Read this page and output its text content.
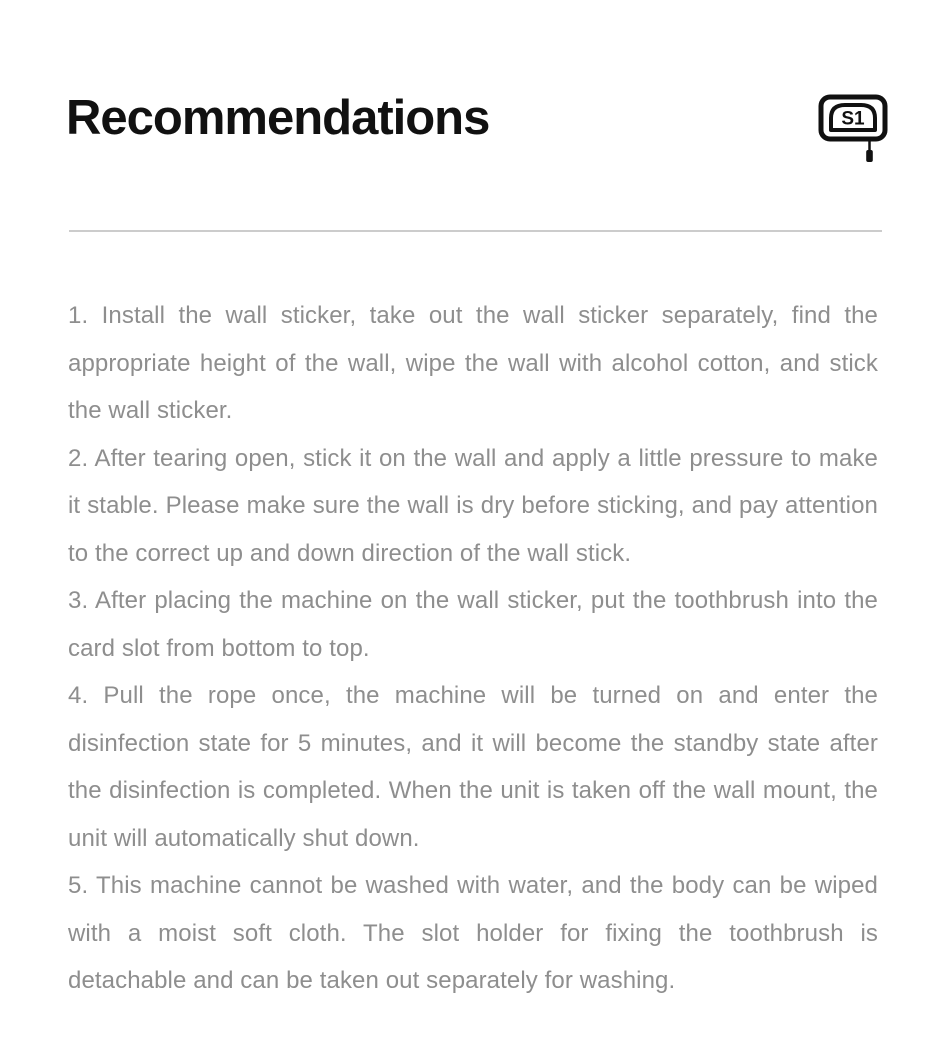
Recommendations	S1

1. Install the wall sticker, take out the wall sticker separately, find the appropriate height of the wall, wipe the wall with alcohol cotton, and stick the wall sticker.

2. After tearing open, stick it on the wall and apply a little pressure to make it stable. Please make sure the wall is dry before sticking, and pay attention to the correct up and down direction of the wall stick.

3. After placing the machine on the wall sticker, put the toothbrush into the card slot from bottom to top.

4. Pull the rope once, the machine will be turned on and enter the disinfection state for 5 minutes, and it will become the standby state after the disinfection is completed. When the unit is taken off the wall mount, the unit will automatically shut down.

5. This machine cannot be washed with water, and the body can be wiped with a moist soft cloth. The slot holder for fixing the toothbrush is detachable and can be taken out separately for washing.
